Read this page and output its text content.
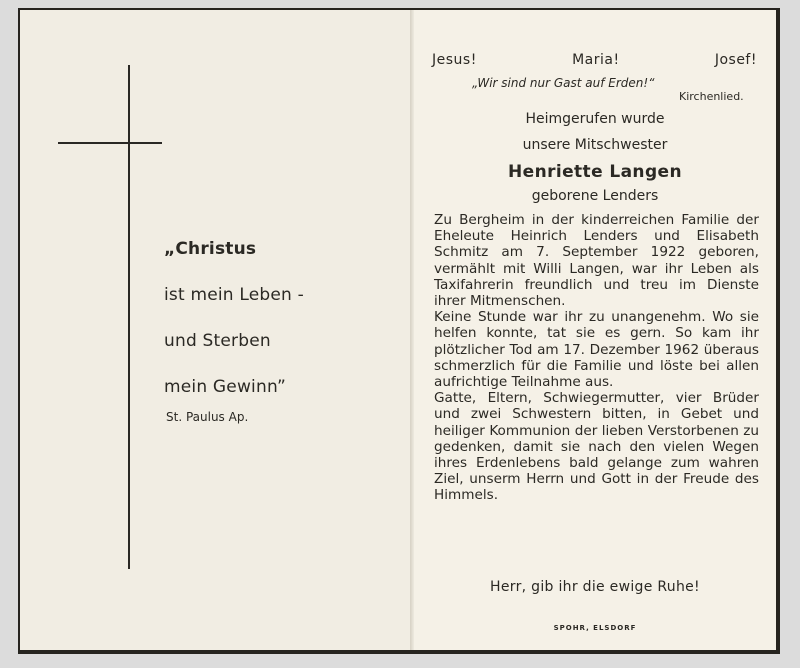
„Christus
ist mein Leben -
und Sterben
mein Gewinn”
St. Paulus Ap.
Jesus!	Maria!	Josef!
„Wir sind nur Gast auf Erden!“
Kirchenlied.
Heimgerufen wurde
unsere Mitschwester
Henriette Langen
geborene Lenders
Zu Bergheim in der kinderreichen Familie der Eheleute Heinrich Lenders und Elisabeth Schmitz am 7. September 1922 geboren, vermählt mit Willi Langen, war ihr Leben als Taxifahrerin freundlich und treu im Dienste ihrer Mitmenschen.
Keine Stunde war ihr zu unangenehm. Wo sie helfen konnte, tat sie es gern. So kam ihr plötzlicher Tod am 17. Dezember 1962 überaus schmerzlich für die Familie und löste bei allen aufrichtige Teilnahme aus.
Gatte, Eltern, Schwiegermutter, vier Brüder und zwei Schwestern bitten, in Gebet und heiliger Kommunion der lieben Verstorbenen zu gedenken, damit sie nach den vielen Wegen ihres Erdenlebens bald gelange zum wahren Ziel, unserm Herrn und Gott in der Freude des Himmels.
Herr, gib ihr die ewige Ruhe!
SPOHR, ELSDORF
